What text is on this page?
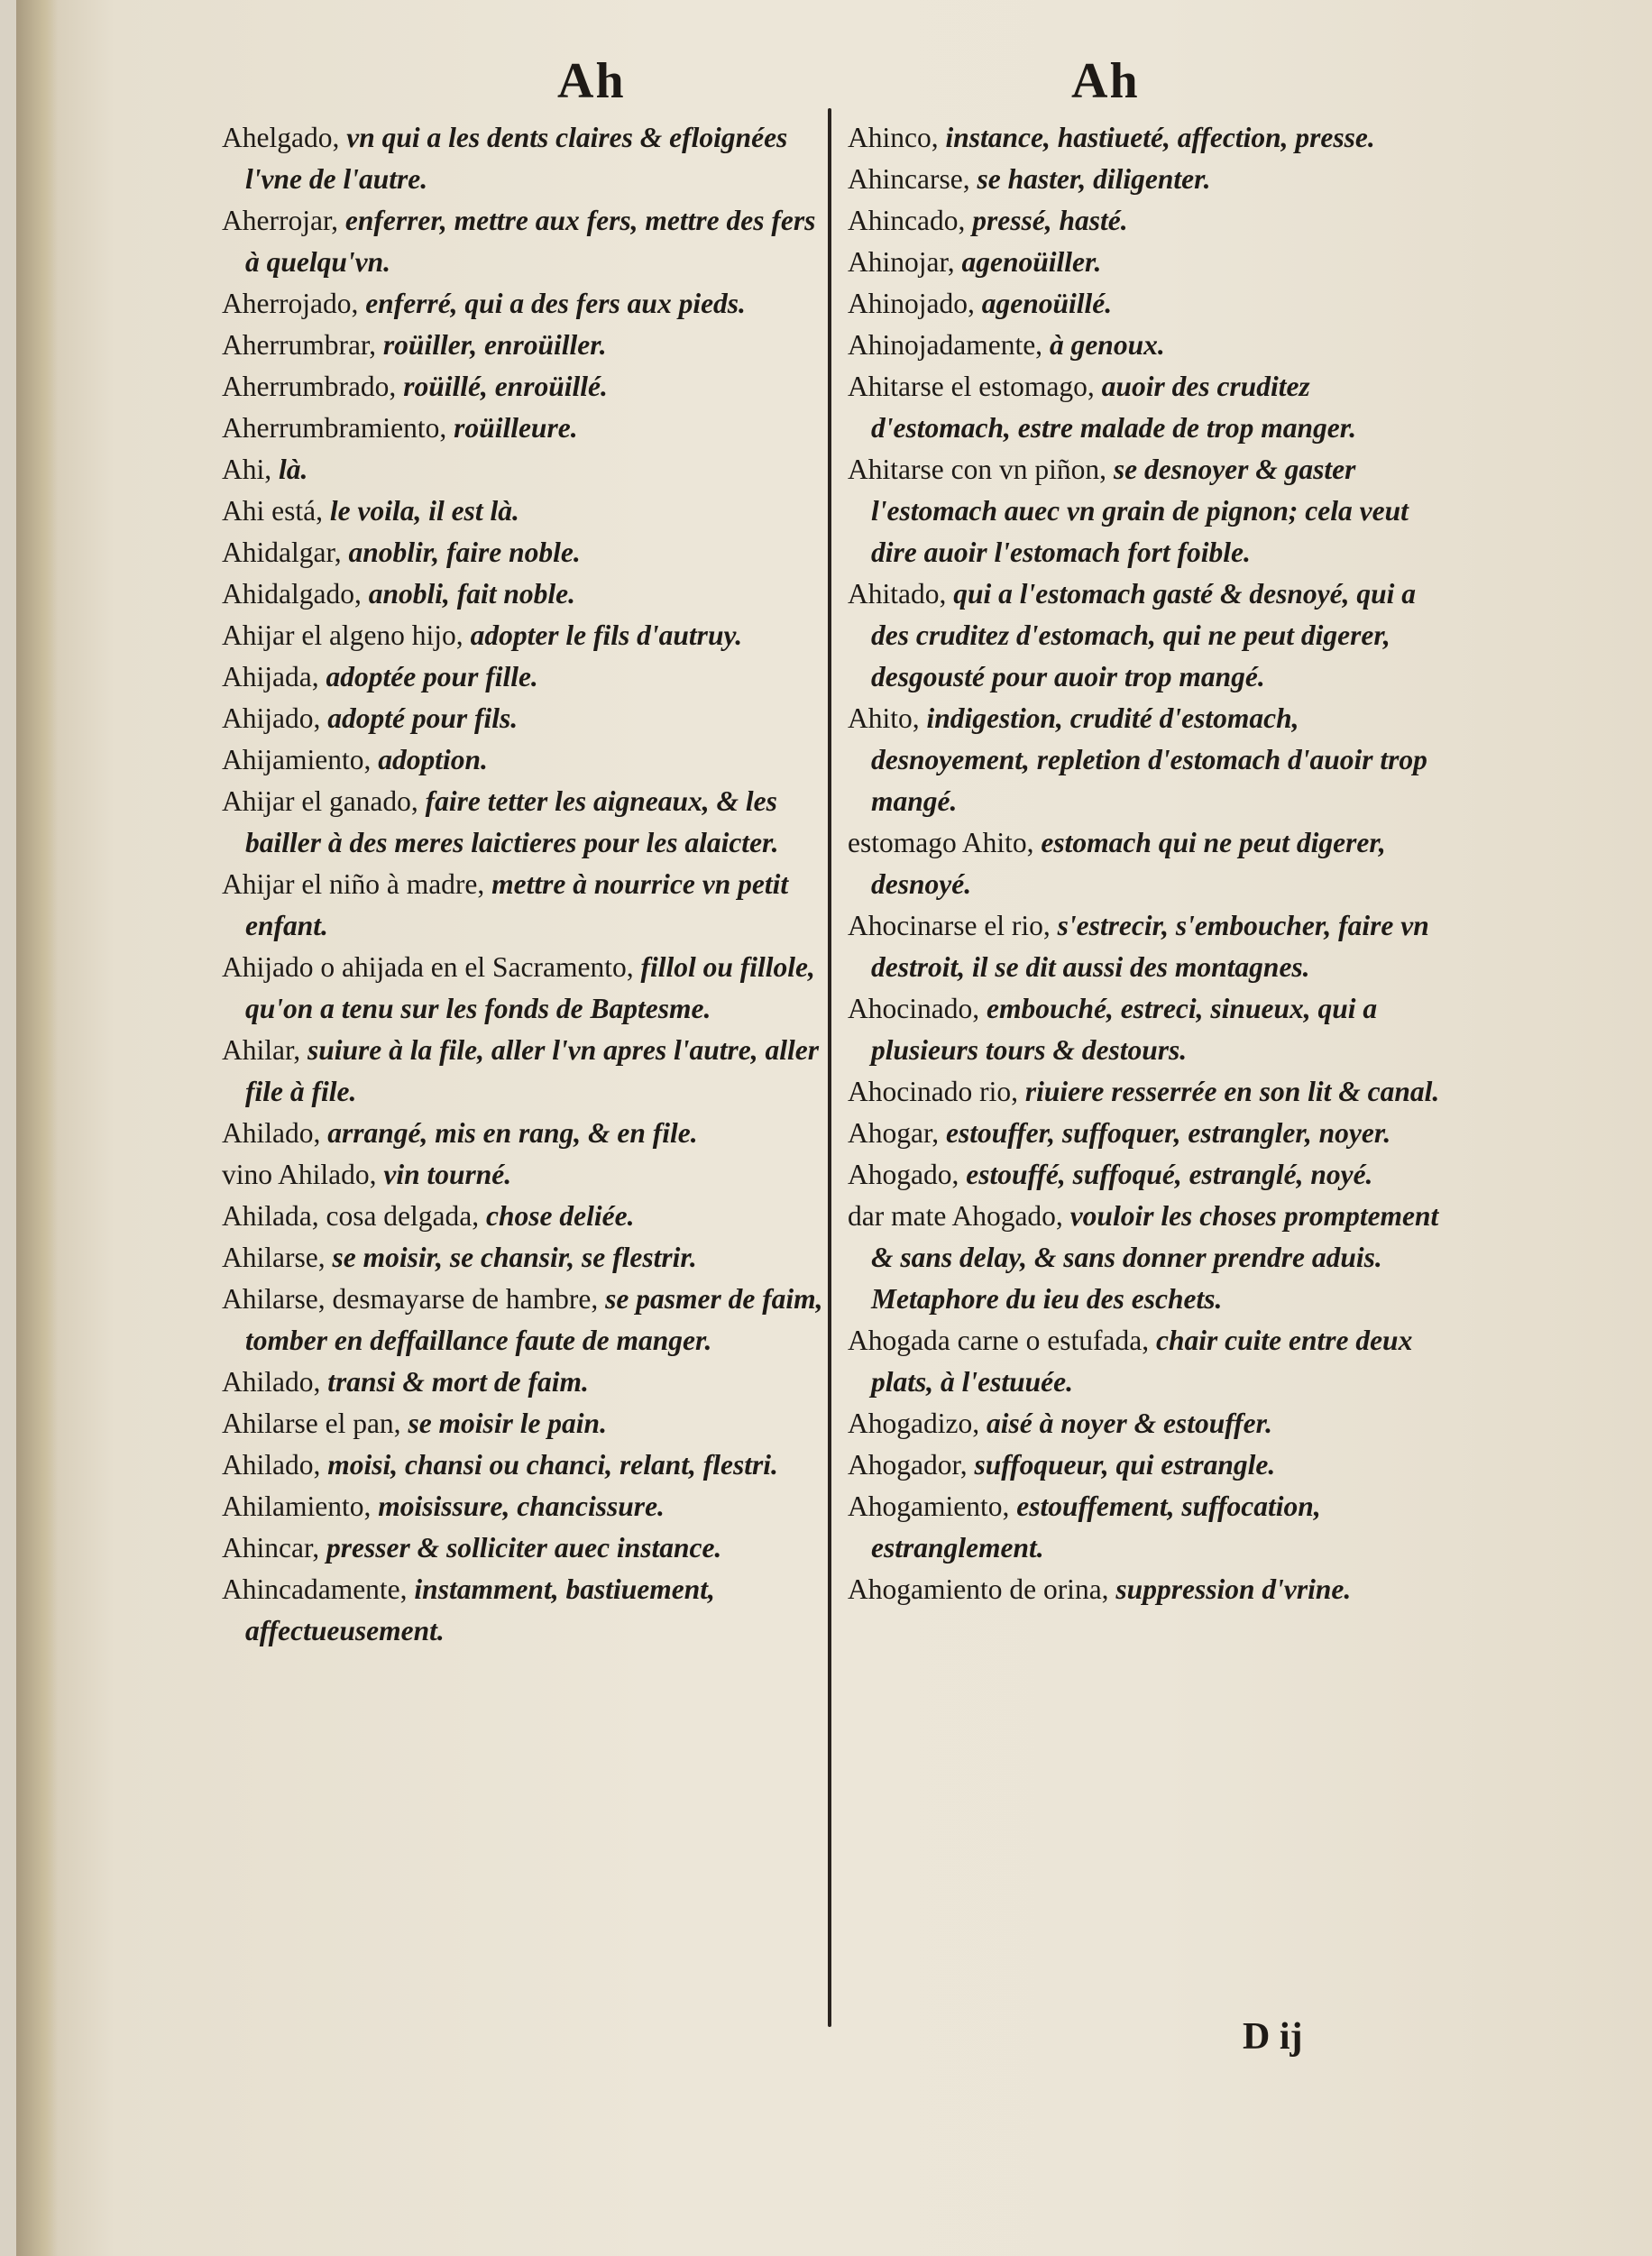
Ah	Ah

Ahelgado, vn qui a les dents claires & efloignées l'vne de l'autre.

Aherrojar, enferrer, mettre aux fers, mettre des fers à quelqu'vn.

Aherrojado, enferré, qui a des fers aux pieds.

Aherrumbrar, roüiller, enroüiller.

Aherrumbrado, roüillé, enroüillé.

Aherrumbramiento, roüilleure.

Ahi, là.

Ahi está, le voila, il est là.

Ahidalgar, anoblir, faire noble.

Ahidalgado, anobli, fait noble.

Ahijar el algeno hijo, adopter le fils d'autruy.

Ahijada, adoptée pour fille.

Ahijado, adopté pour fils.

Ahijamiento, adoption.

Ahijar el ganado, faire tetter les aigneaux, & les bailler à des meres laictieres pour les alaicter.

Ahijar el niño à madre, mettre à nourrice vn petit enfant.

Ahijado o ahijada en el Sacramento, fillol ou fillole, qu'on a tenu sur les fonds de Baptesme.

Ahilar, suiure à la file, aller l'vn apres l'autre, aller file à file.

Ahilado, arrangé, mis en rang, & en file.

vino Ahilado, vin tourné.

Ahilada, cosa delgada, chose deliée.

Ahilarse, se moisir, se chansir, se flestrir.

Ahilarse, desmayarse de hambre, se pasmer de faim, tomber en deffaillance faute de manger.

Ahilado, transi & mort de faim.

Ahilarse el pan, se moisir le pain.

Ahilado, moisi, chansi ou chanci, relant, flestri.

Ahilamiento, moisissure, chancissure.

Ahincar, presser & solliciter auec instance.

Ahincadamente, instamment, bastiuement, affectueusement.

Ahinco, instance, hastiueté, affection, presse.

Ahincarse, se haster, diligenter.

Ahincado, pressé, hasté.

Ahinojar, agenoüiller.

Ahinojado, agenoüillé.

Ahinojadamente, à genoux.

Ahitarse el estomago, auoir des cruditez d'estomach, estre malade de trop manger.

Ahitarse con vn piñon, se desnoyer & gaster l'estomach auec vn grain de pignon; cela veut dire auoir l'estomach fort foible.

Ahitado, qui a l'estomach gasté & desnoyé, qui a des cruditez d'estomach, qui ne peut digerer, desgousté pour auoir trop mangé.

Ahito, indigestion, crudité d'estomach, desnoyement, repletion d'estomach d'auoir trop mangé.

estomago Ahito, estomach qui ne peut digerer, desnoyé.

Ahocinarse el rio, s'estrecir, s'emboucher, faire vn destroit, il se dit aussi des montagnes.

Ahocinado, embouché, estreci, sinueux, qui a plusieurs tours & destours.

Ahocinado rio, riuiere resserrée en son lit & canal.

Ahogar, estouffer, suffoquer, estrangler, noyer.

Ahogado, estouffé, suffoqué, estranglé, noyé.

dar mate Ahogado, vouloir les choses promptement & sans delay, & sans donner prendre aduis. Metaphore du ieu des eschets.

Ahogada carne o estufada, chair cuite entre deux plats, à l'estuuée.

Ahogadizo, aisé à noyer & estouffer.

Ahogador, suffoqueur, qui estrangle.

Ahogamiento, estouffement, suffocation, estranglement.

Ahogamiento de orina, suppression d'vrine.

D ij
